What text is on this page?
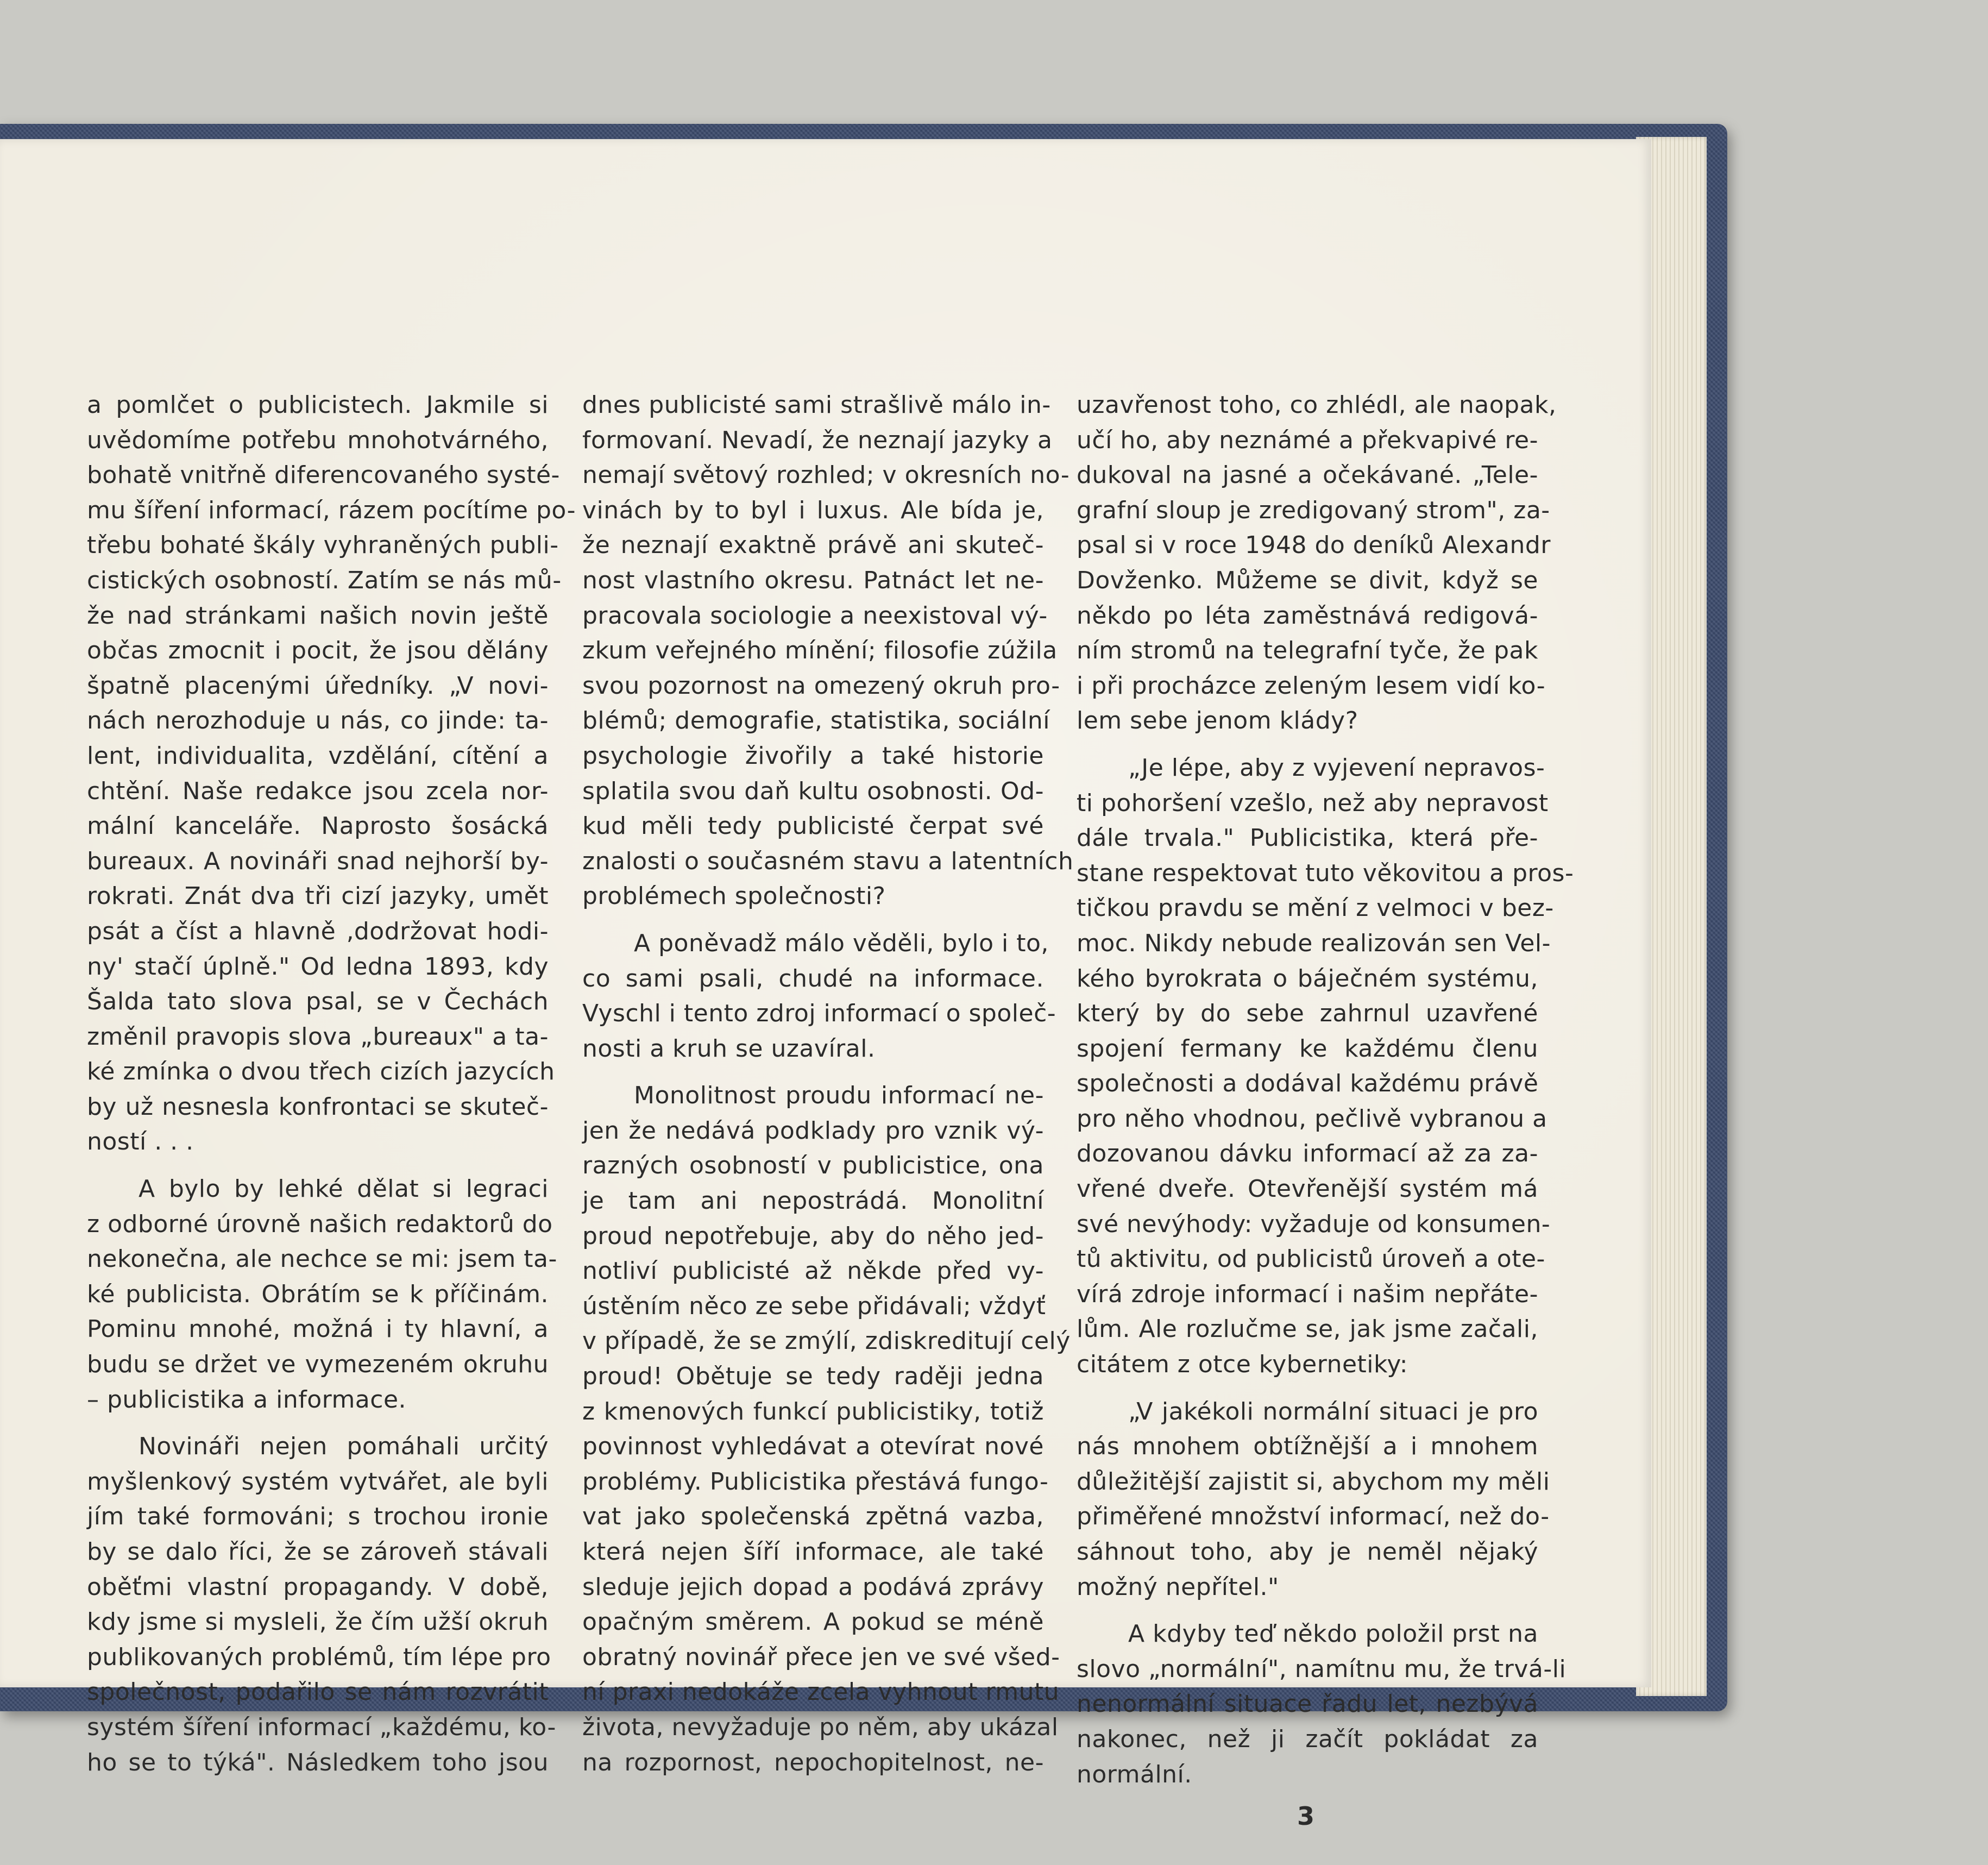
a pomlčet o publicistech. Jakmile si
uvědomíme potřebu mnohotvárného,
bohatě vnitřně diferencovaného systé-
mu šíření informací, rázem pocítíme po-
třebu bohaté škály vyhraněných publi-
cistických osobností. Zatím se nás mů-
že nad stránkami našich novin ještě
občas zmocnit i pocit, že jsou dělány
špatně placenými úředníky. „V novi-
nách nerozhoduje u nás, co jinde: ta-
lent, individualita, vzdělání, cítění a
chtění. Naše redakce jsou zcela nor-
mální kanceláře. Naprosto šosácká
bureaux. A novináři snad nejhorší by-
rokrati. Znát dva tři cizí jazyky, umět
psát a číst a hlavně ‚dodržovat hodi-
ny' stačí úplně." Od ledna 1893, kdy
Šalda tato slova psal, se v Čechách
změnil pravopis slova „bureaux" a ta-
ké zmínka o dvou třech cizích jazycích
by už nesnesla konfrontaci se skuteč-
ností . . .
A bylo by lehké dělat si legraci
z odborné úrovně našich redaktorů do
nekonečna, ale nechce se mi: jsem ta-
ké publicista. Obrátím se k příčinám.
Pominu mnohé, možná i ty hlavní, a
budu se držet ve vymezeném okruhu
– publicistika a informace.
Novináři nejen pomáhali určitý
myšlenkový systém vytvářet, ale byli
jím také formováni; s trochou ironie
by se dalo říci, že se zároveň stávali
oběťmi vlastní propagandy. V době,
kdy jsme si mysleli, že čím užší okruh
publikovaných problémů, tím lépe pro
společnost, podařilo se nám rozvrátit
systém šíření informací „každému, ko-
ho se to týká". Následkem toho jsou
dnes publicisté sami strašlivě málo in-
formovaní. Nevadí, že neznají jazyky a
nemají světový rozhled; v okresních no-
vinách by to byl i luxus. Ale bída je,
že neznají exaktně právě ani skuteč-
nost vlastního okresu. Patnáct let ne-
pracovala sociologie a neexistoval vý-
zkum veřejného mínění; filosofie zúžila
svou pozornost na omezený okruh pro-
blémů; demografie, statistika, sociální
psychologie živořily a také historie
splatila svou daň kultu osobnosti. Od-
kud měli tedy publicisté čerpat své
znalosti o současném stavu a latentních
problémech společnosti?
A poněvadž málo věděli, bylo i to,
co sami psali, chudé na informace.
Vyschl i tento zdroj informací o společ-
nosti a kruh se uzavíral.
Monolitnost proudu informací ne-
jen že nedává podklady pro vznik vý-
razných osobností v publicistice, ona
je tam ani nepostrádá. Monolitní
proud nepotřebuje, aby do něho jed-
notliví publicisté až někde před vy-
ústěním něco ze sebe přidávali; vždyť
v případě, že se zmýlí, zdiskreditují celý
proud! Obětuje se tedy raději jedna
z kmenových funkcí publicistiky, totiž
povinnost vyhledávat a otevírat nové
problémy. Publicistika přestává fungo-
vat jako společenská zpětná vazba,
která nejen šíří informace, ale také
sleduje jejich dopad a podává zprávy
opačným směrem. A pokud se méně
obratný novinář přece jen ve své všed-
ní praxi nedokáže zcela vyhnout rmutu
života, nevyžaduje po něm, aby ukázal
na rozpornost, nepochopitelnost, ne-
uzavřenost toho, co zhlédl, ale naopak,
učí ho, aby neznámé a překvapivé re-
dukoval na jasné a očekávané. „Tele-
grafní sloup je zredigovaný strom", za-
psal si v roce 1948 do deníků Alexandr
Dovženko. Můžeme se divit, když se
někdo po léta zaměstnává redigová-
ním stromů na telegrafní tyče, že pak
i při procházce zeleným lesem vidí ko-
lem sebe jenom klády?
„Je lépe, aby z vyjevení nepravos-
ti pohoršení vzešlo, než aby nepravost
dále trvala." Publicistika, která pře-
stane respektovat tuto věkovitou a pros-
tičkou pravdu se mění z velmoci v bez-
moc. Nikdy nebude realizován sen Vel-
kého byrokrata o báječném systému,
který by do sebe zahrnul uzavřené
spojení fermany ke každému členu
společnosti a dodával každému právě
pro něho vhodnou, pečlivě vybranou a
dozovanou dávku informací až za za-
vřené dveře. Otevřenější systém má
své nevýhody: vyžaduje od konsumen-
tů aktivitu, od publicistů úroveň a ote-
vírá zdroje informací i našim nepřáte-
lům. Ale rozlučme se, jak jsme začali,
citátem z otce kybernetiky:
„V jakékoli normální situaci je pro
nás mnohem obtížnější a i mnohem
důležitější zajistit si, abychom my měli
přiměřené množství informací, než do-
sáhnout toho, aby je neměl nějaký
možný nepřítel."
A kdyby teď někdo položil prst na
slovo „normální", namítnu mu, že trvá-li
nenormální situace řadu let, nezbývá
nakonec, než ji začít pokládat za
normální.
3
